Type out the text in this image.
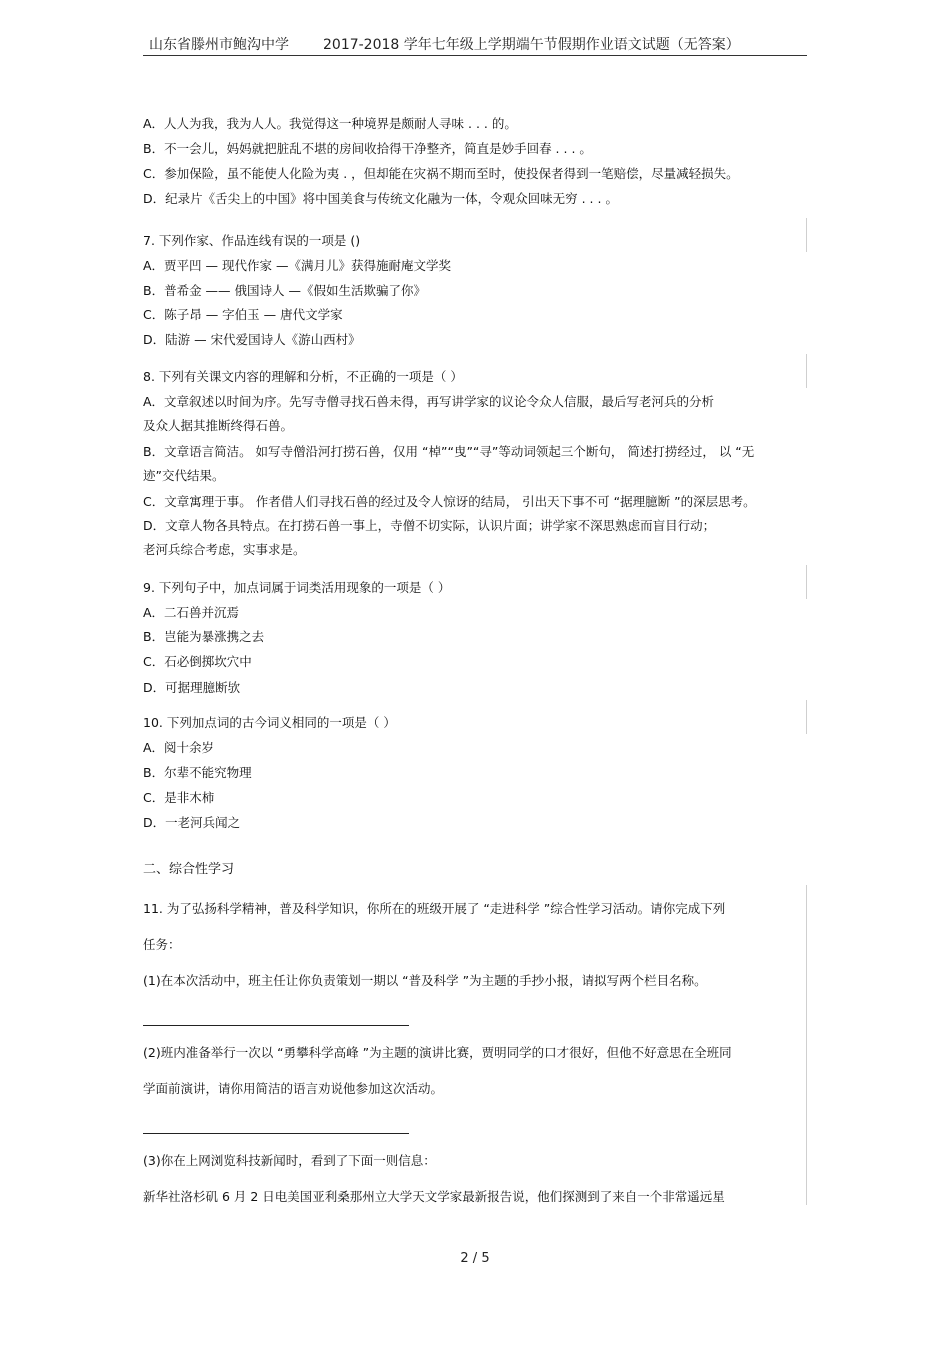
山东省滕州市鲍沟中学 2017-2018 学年七年级上学期端午节假期作业语文试题（无答案）
A．人人为我，我为人人。我觉得这一种境界是颇耐人寻味 . . . 的。
B．不一会儿，妈妈就把脏乱不堪的房间收拾得干净整齐，简直是妙手回春 . . . 。
C．参加保险，虽不能使人化险为夷 . ，但却能在灾祸不期而至时，使投保者得到一笔赔偿，尽量减轻损失。
D．纪录片《舌尖上的中国》将中国美食与传统文化融为一体，令观众回味无穷 . . . 。
7. 下列作家、作品连线有误的一项是 ()
A．贾平凹 — 现代作家 —《满月儿》获得施耐庵文学奖
B．普希金 —— 俄国诗人 —《假如生活欺骗了你》
C．陈子昂 — 字伯玉 — 唐代文学家
D．陆游 — 宋代爱国诗人《游山西村》
8. 下列有关课文内容的理解和分析，不正确的一项是（ ）
A．文章叙述以时间为序。先写寺僧寻找石兽未得，再写讲学家的议论令众人信服，最后写老河兵的分析
及众人据其推断终得石兽。
B．文章语言简洁。 如写寺僧沿河打捞石兽，仅用 “棹”“曳”“寻”等动词领起三个断句， 简述打捞经过， 以 “无
迹”交代结果。
C．文章寓理于事。 作者借人们寻找石兽的经过及令人惊讶的结局， 引出天下事不可 “据理臆断 ”的深层思考。
D．文章人物各具特点。在打捞石兽一事上，寺僧不切实际，认识片面；讲学家不深思熟虑而盲目行动；
老河兵综合考虑，实事求是。
9. 下列句子中，加点词属于词类活用现象的一项是（ ）
A．二石兽并沉焉
B．岂能为暴涨携之去
C．石必倒掷坎穴中
D．可据理臆断欤
10. 下列加点词的古今词义相同的一项是（ ）
A．阅十余岁
B．尔辈不能究物理
C．是非木柿
D．一老河兵闻之
二、综合性学习
11. 为了弘扬科学精神，普及科学知识，你所在的班级开展了 “走进科学 ”综合性学习活动。请你完成下列
任务：
(1)在本次活动中，班主任让你负责策划一期以 “普及科学 ”为主题的手抄小报，请拟写两个栏目名称。
(2)班内准备举行一次以 “勇攀科学高峰 ”为主题的演讲比赛，贾明同学的口才很好，但他不好意思在全班同
学面前演讲，请你用简洁的语言劝说他参加这次活动。
(3)你在上网浏览科技新闻时，看到了下面一则信息：
新华社洛杉矶 6 月 2 日电美国亚利桑那州立大学天文学家最新报告说，他们探测到了来自一个非常遥远星
2 / 5
